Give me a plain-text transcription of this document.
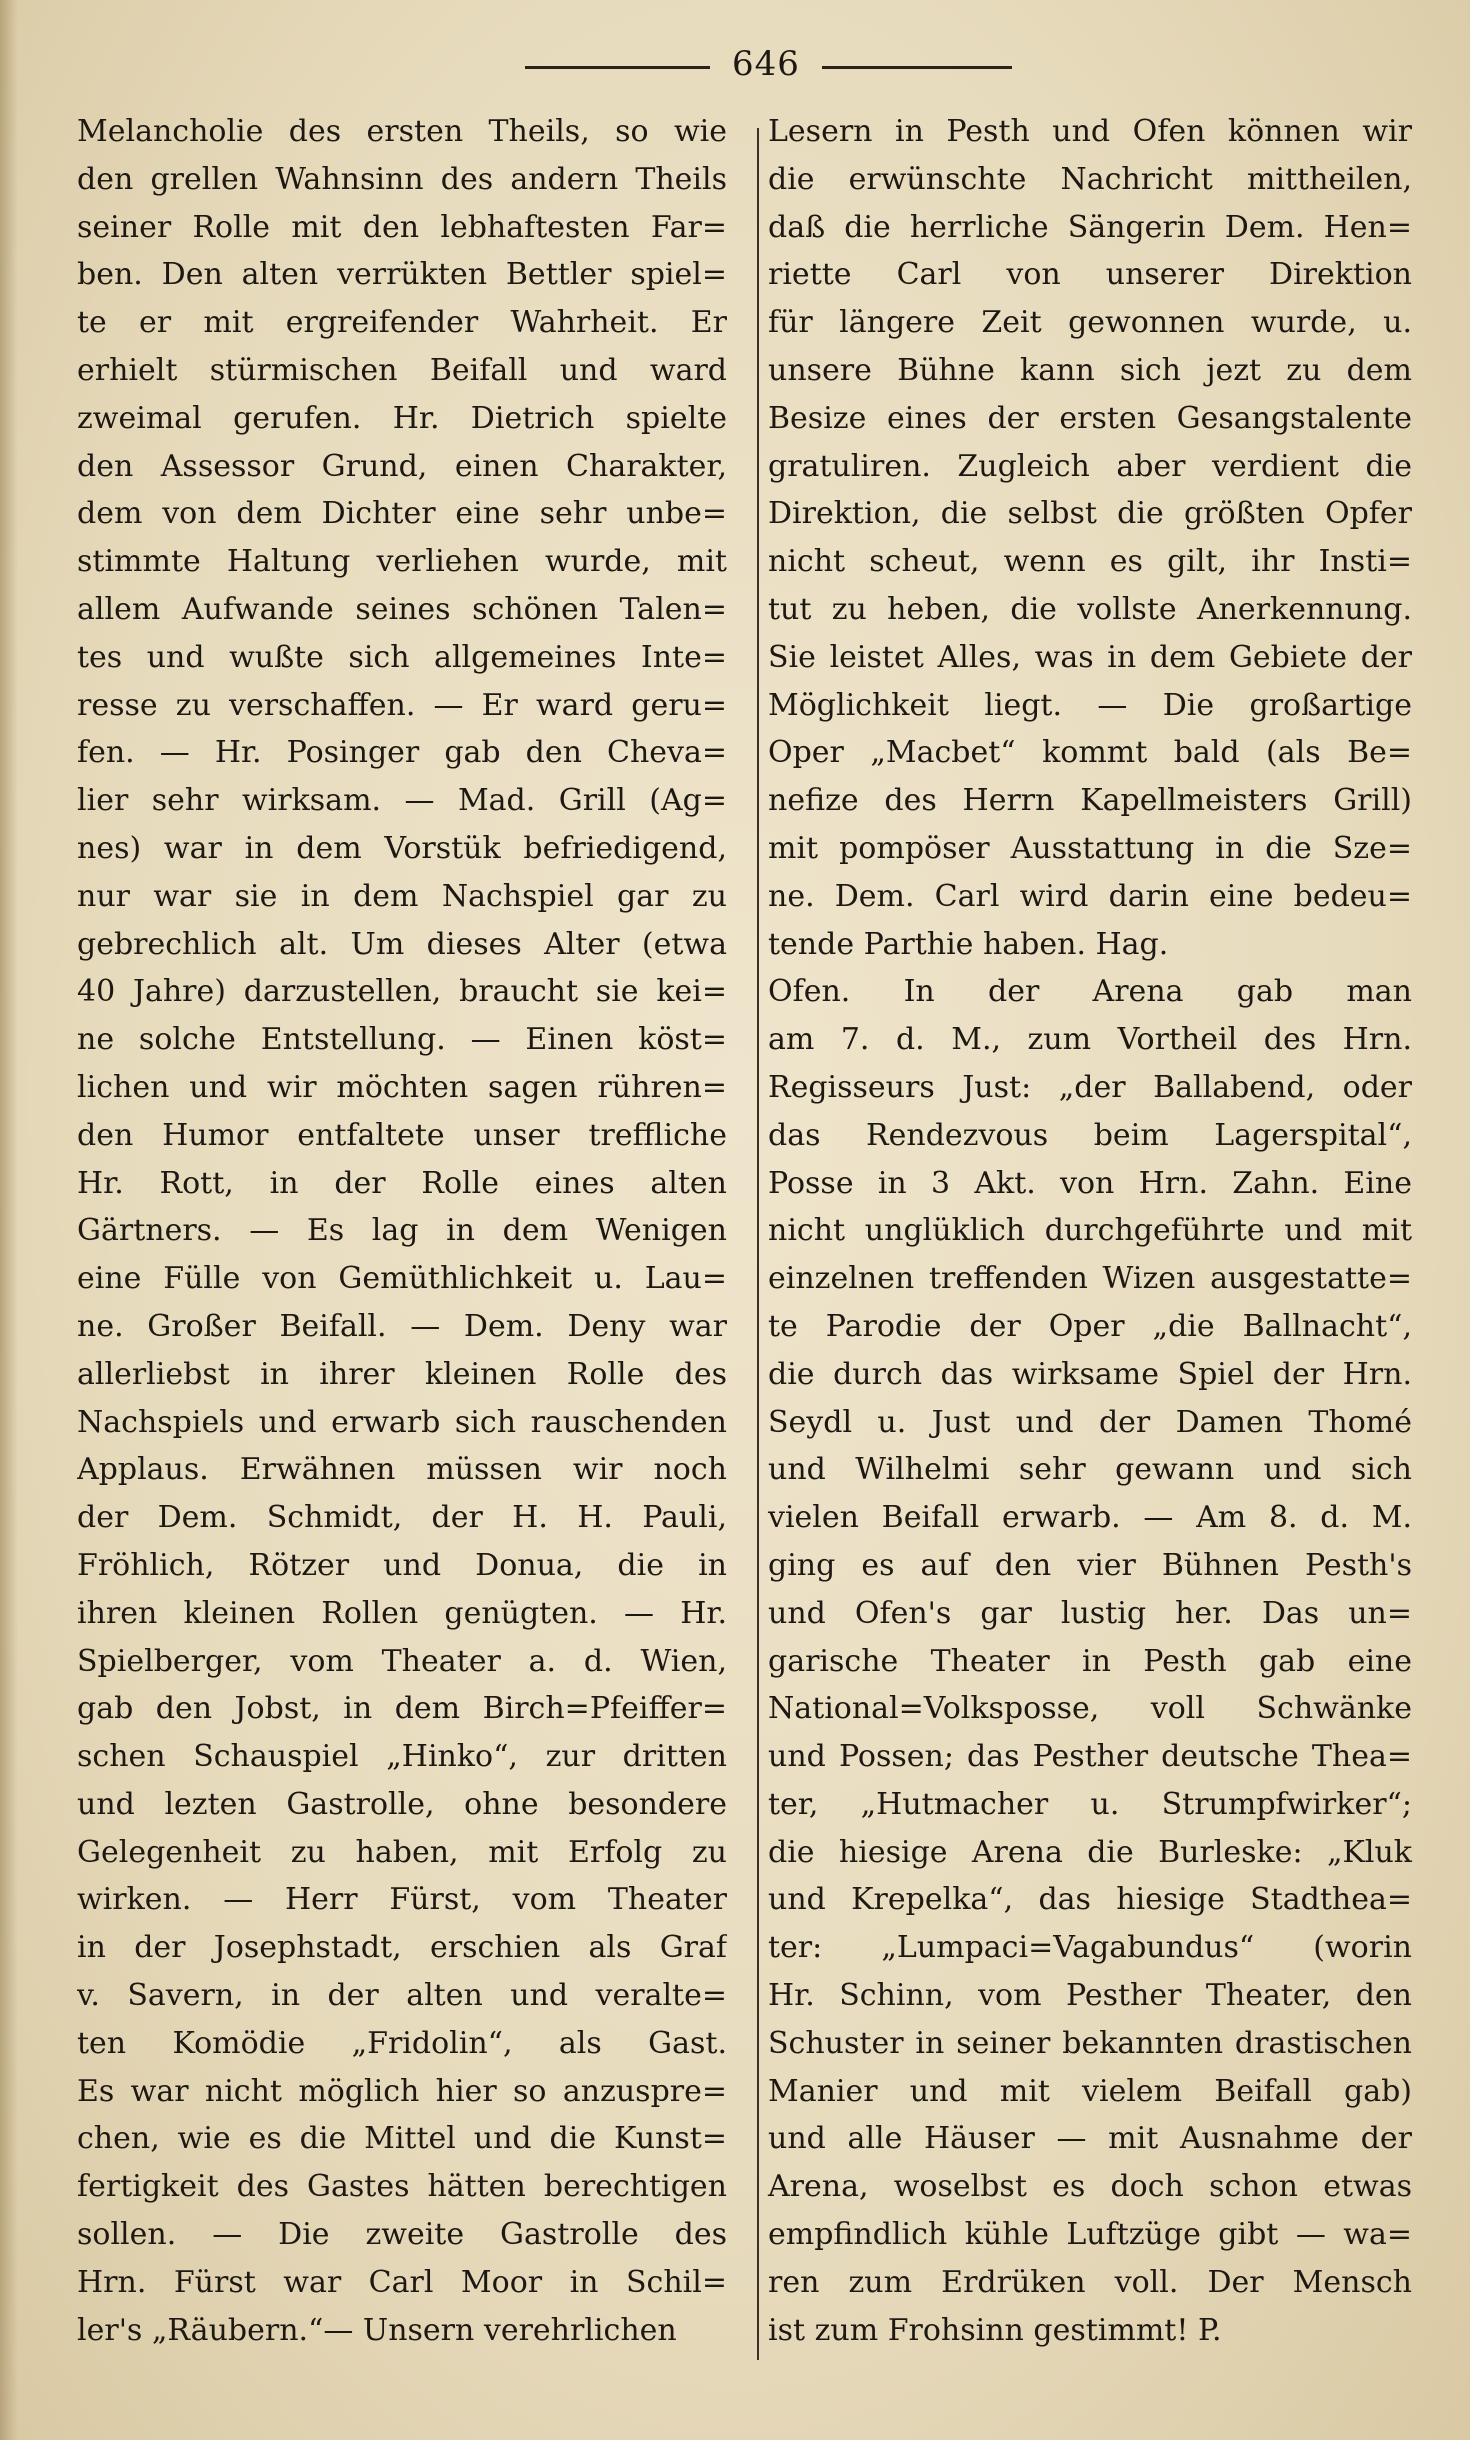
646
Melancholie des ersten Theils, so wie
den grellen Wahnsinn des andern Theils
seiner Rolle mit den lebhaftesten Far=
ben. Den alten verrükten Bettler spiel=
te er mit ergreifender Wahrheit. Er
erhielt stürmischen Beifall und ward
zweimal gerufen. Hr. Dietrich spielte
den Assessor Grund, einen Charakter,
dem von dem Dichter eine sehr unbe=
stimmte Haltung verliehen wurde, mit
allem Aufwande seines schönen Talen=
tes und wußte sich allgemeines Inte=
resse zu verschaffen. — Er ward geru=
fen. — Hr. Posinger gab den Cheva=
lier sehr wirksam. — Mad. Grill (Ag=
nes) war in dem Vorstük befriedigend,
nur war sie in dem Nachspiel gar zu
gebrechlich alt. Um dieses Alter (etwa
40 Jahre) darzustellen, braucht sie kei=
ne solche Entstellung. — Einen köst=
lichen und wir möchten sagen rühren=
den Humor entfaltete unser treffliche
Hr. Rott, in der Rolle eines alten
Gärtners. — Es lag in dem Wenigen
eine Fülle von Gemüthlichkeit u. Lau=
ne. Großer Beifall. — Dem. Deny war
allerliebst in ihrer kleinen Rolle des
Nachspiels und erwarb sich rauschenden
Applaus. Erwähnen müssen wir noch
der Dem. Schmidt, der H. H. Pauli,
Fröhlich, Rötzer und Donua, die in
ihren kleinen Rollen genügten. — Hr.
Spielberger, vom Theater a. d. Wien,
gab den Jobst, in dem Birch=Pfeiffer=
schen Schauspiel „Hinko“, zur dritten
und lezten Gastrolle, ohne besondere
Gelegenheit zu haben, mit Erfolg zu
wirken. — Herr Fürst, vom Theater
in der Josephstadt, erschien als Graf
v. Savern, in der alten und veralte=
ten Komödie „Fridolin“, als Gast.
Es war nicht möglich hier so anzuspre=
chen, wie es die Mittel und die Kunst=
fertigkeit des Gastes hätten berechtigen
sollen. — Die zweite Gastrolle des
Hrn. Fürst war Carl Moor in Schil=
ler's „Räubern.“— Unsern verehrlichen
Lesern in Pesth und Ofen können wir
die erwünschte Nachricht mittheilen,
daß die herrliche Sängerin Dem. Hen=
riette Carl von unserer Direktion
für längere Zeit gewonnen wurde, u.
unsere Bühne kann sich jezt zu dem
Besize eines der ersten Gesangstalente
gratuliren. Zugleich aber verdient die
Direktion, die selbst die größten Opfer
nicht scheut, wenn es gilt, ihr Insti=
tut zu heben, die vollste Anerkennung.
Sie leistet Alles, was in dem Gebiete der
Möglichkeit liegt. — Die großartige
Oper „Macbet“ kommt bald (als Be=
nefize des Herrn Kapellmeisters Grill)
mit pompöser Ausstattung in die Sze=
ne. Dem. Carl wird darin eine bedeu=
tende Parthie haben. Hag.
Ofen. In der Arena gab man
am 7. d. M., zum Vortheil des Hrn.
Regisseurs Just: „der Ballabend, oder
das Rendezvous beim Lagerspital“,
Posse in 3 Akt. von Hrn. Zahn. Eine
nicht unglüklich durchgeführte und mit
einzelnen treffenden Wizen ausgestatte=
te Parodie der Oper „die Ballnacht“,
die durch das wirksame Spiel der Hrn.
Seydl u. Just und der Damen Thomé
und Wilhelmi sehr gewann und sich
vielen Beifall erwarb. — Am 8. d. M.
ging es auf den vier Bühnen Pesth's
und Ofen's gar lustig her. Das un=
garische Theater in Pesth gab eine
National=Volksposse, voll Schwänke
und Possen; das Pesther deutsche Thea=
ter, „Hutmacher u. Strumpfwirker“;
die hiesige Arena die Burleske: „Kluk
und Krepelka“, das hiesige Stadthea=
ter: „Lumpaci=Vagabundus“ (worin
Hr. Schinn, vom Pesther Theater, den
Schuster in seiner bekannten drastischen
Manier und mit vielem Beifall gab)
und alle Häuser — mit Ausnahme der
Arena, woselbst es doch schon etwas
empfindlich kühle Luftzüge gibt — wa=
ren zum Erdrüken voll. Der Mensch
ist zum Frohsinn gestimmt! P.
